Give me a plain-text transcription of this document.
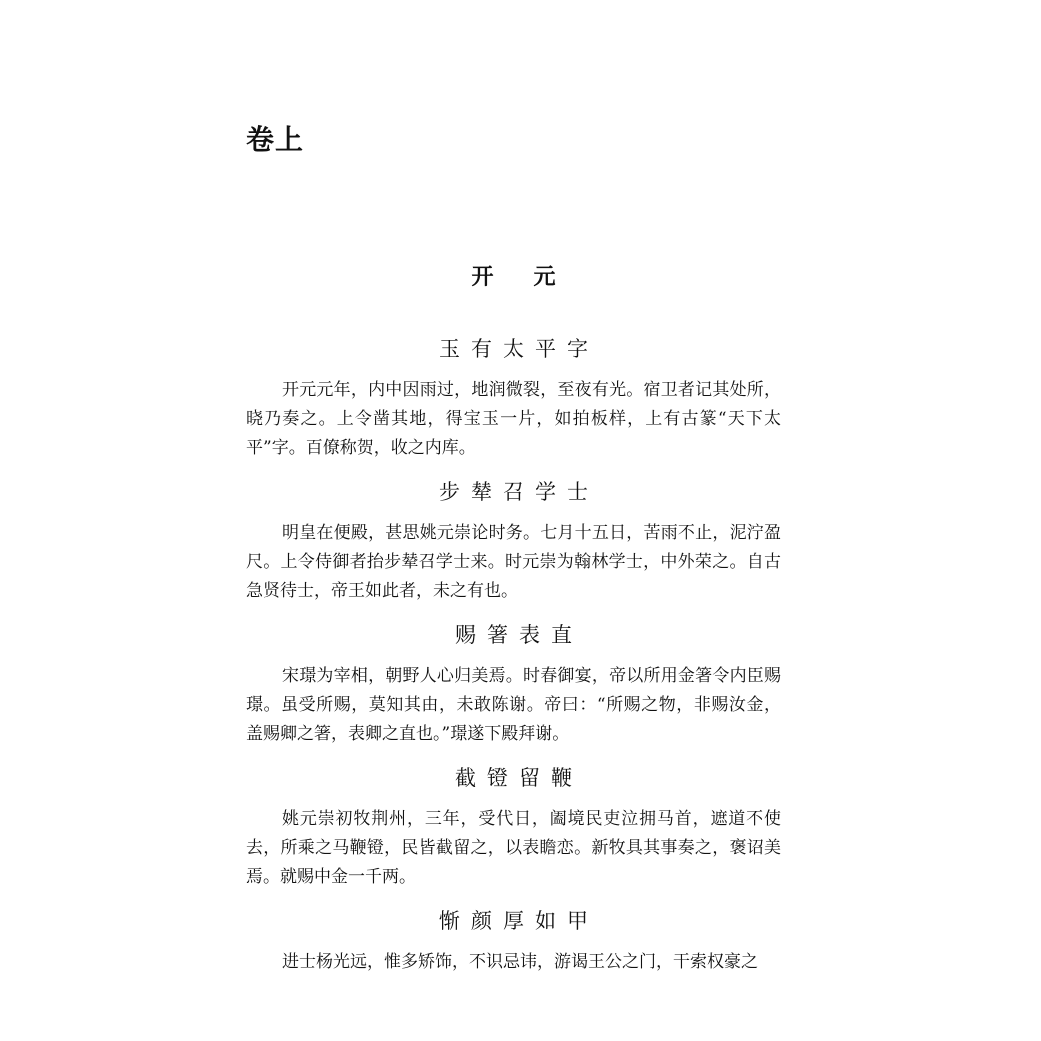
卷上
开元
玉有太平字

开元元年，内中因雨过，地润微裂，至夜有光。宿卫者记其处所，晓乃奏之。上令凿其地，得宝玉一片，如拍板样，上有古篆“天下太平”字。百僚称贺，收之内库。

步辇召学士

明皇在便殿，甚思姚元崇论时务。七月十五日，苦雨不止，泥泞盈尺。上令侍御者抬步辇召学士来。时元崇为翰林学士，中外荣之。自古急贤待士，帝王如此者，未之有也。

赐箸表直

宋璟为宰相，朝野人心归美焉。时春御宴，帝以所用金箸令内臣赐璟。虽受所赐，莫知其由，未敢陈谢。帝曰：“所赐之物，非赐汝金，盖赐卿之箸，表卿之直也。”璟遂下殿拜谢。

截镫留鞭

姚元崇初牧荆州，三年，受代日，阖境民吏泣拥马首，遮道不使去，所乘之马鞭镫，民皆截留之，以表瞻恋。新牧具其事奏之，褒诏美焉。就赐中金一千两。

惭颜厚如甲

进士杨光远，惟多矫饰，不识忌讳，游谒王公之门，干索权豪之
